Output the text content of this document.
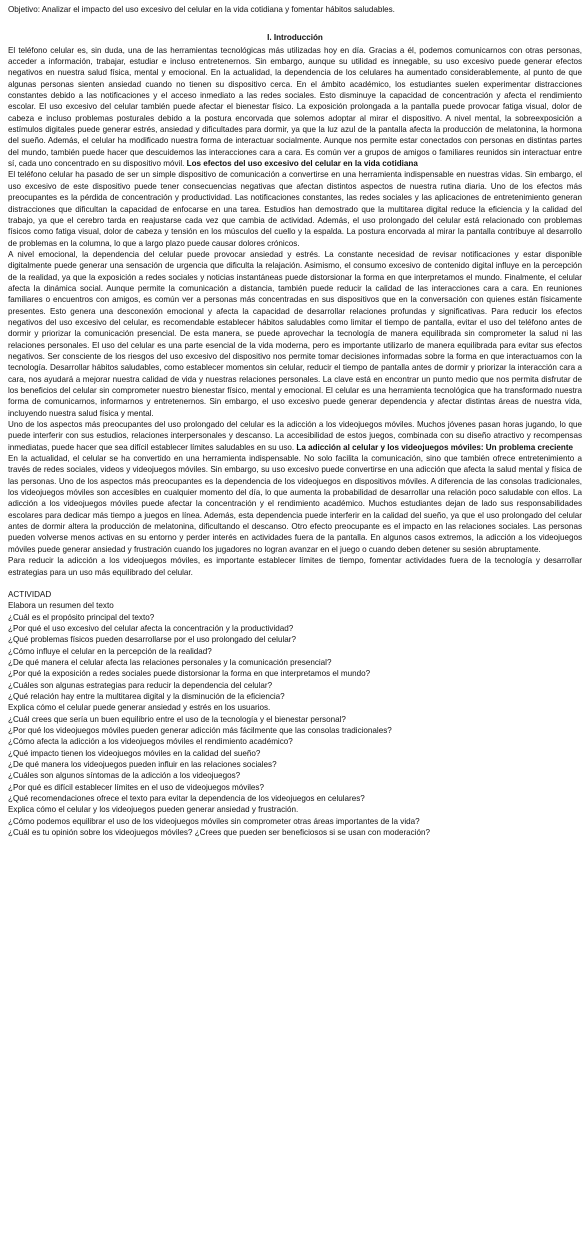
Objetivo: Analizar el impacto del uso excesivo del celular en la vida cotidiana y fomentar hábitos saludables.

I. Introducción

El teléfono celular es, sin duda, una de las herramientas tecnológicas más utilizadas hoy en día. Gracias a él, podemos comunicarnos con otras personas, acceder a información, trabajar, estudiar e incluso entretenernos. Sin embargo, aunque su utilidad es innegable, su uso excesivo puede generar efectos negativos en nuestra salud física, mental y emocional. En la actualidad, la dependencia de los celulares ha aumentado considerablemente, al punto de que algunas personas sienten ansiedad cuando no tienen su dispositivo cerca. En el ámbito académico, los estudiantes suelen experimentar distracciones constantes debido a las notificaciones y el acceso inmediato a las redes sociales. Esto disminuye la capacidad de concentración y afecta el rendimiento escolar. El uso excesivo del celular también puede afectar el bienestar físico. La exposición prolongada a la pantalla puede provocar fatiga visual, dolor de cabeza e incluso problemas posturales debido a la postura encorvada que solemos adoptar al mirar el dispositivo. A nivel mental, la sobreexposición a estímulos digitales puede generar estrés, ansiedad y dificultades para dormir, ya que la luz azul de la pantalla afecta la producción de melatonina, la hormona del sueño. Además, el celular ha modificado nuestra forma de interactuar socialmente. Aunque nos permite estar conectados con personas en distintas partes del mundo, también puede hacer que descuidemos las interacciones cara a cara. Es común ver a grupos de amigos o familiares reunidos sin interactuar entre sí, cada uno concentrado en su dispositivo móvil. Los efectos del uso excesivo del celular en la vida cotidiana

El teléfono celular ha pasado de ser un simple dispositivo de comunicación a convertirse en una herramienta indispensable en nuestras vidas. Sin embargo, el uso excesivo de este dispositivo puede tener consecuencias negativas que afectan distintos aspectos de nuestra rutina diaria. Uno de los efectos más preocupantes es la pérdida de concentración y productividad. Las notificaciones constantes, las redes sociales y las aplicaciones de entretenimiento generan distracciones que dificultan la capacidad de enfocarse en una tarea. Estudios han demostrado que la multitarea digital reduce la eficiencia y la calidad del trabajo, ya que el cerebro tarda en reajustarse cada vez que cambia de actividad. Además, el uso prolongado del celular está relacionado con problemas físicos como fatiga visual, dolor de cabeza y tensión en los músculos del cuello y la espalda. La postura encorvada al mirar la pantalla contribuye al desarrollo de problemas en la columna, lo que a largo plazo puede causar dolores crónicos.

A nivel emocional, la dependencia del celular puede provocar ansiedad y estrés. La constante necesidad de revisar notificaciones y estar disponible digitalmente puede generar una sensación de urgencia que dificulta la relajación. Asimismo, el consumo excesivo de contenido digital influye en la percepción de la realidad, ya que la exposición a redes sociales y noticias instantáneas puede distorsionar la forma en que interpretamos el mundo. Finalmente, el celular afecta la dinámica social. Aunque permite la comunicación a distancia, también puede reducir la calidad de las interacciones cara a cara. En reuniones familiares o encuentros con amigos, es común ver a personas más concentradas en sus dispositivos que en la conversación con quienes están físicamente presentes. Esto genera una desconexión emocional y afecta la capacidad de desarrollar relaciones profundas y significativas. Para reducir los efectos negativos del uso excesivo del celular, es recomendable establecer hábitos saludables como limitar el tiempo de pantalla, evitar el uso del teléfono antes de dormir y priorizar la comunicación presencial. De esta manera, se puede aprovechar la tecnología de manera equilibrada sin comprometer la salud ni las relaciones personales. El uso del celular es una parte esencial de la vida moderna, pero es importante utilizarlo de manera equilibrada para evitar sus efectos negativos. Ser consciente de los riesgos del uso excesivo del dispositivo nos permite tomar decisiones informadas sobre la forma en que interactuamos con la tecnología. Desarrollar hábitos saludables, como establecer momentos sin celular, reducir el tiempo de pantalla antes de dormir y priorizar la interacción cara a cara, nos ayudará a mejorar nuestra calidad de vida y nuestras relaciones personales. La clave está en encontrar un punto medio que nos permita disfrutar de los beneficios del celular sin comprometer nuestro bienestar físico, mental y emocional. El celular es una herramienta tecnológica que ha transformado nuestra forma de comunicarnos, informarnos y entretenernos. Sin embargo, el uso excesivo puede generar dependencia y afectar distintas áreas de nuestra vida, incluyendo nuestra salud física y mental.

Uno de los aspectos más preocupantes del uso prolongado del celular es la adicción a los videojuegos móviles. Muchos jóvenes pasan horas jugando, lo que puede interferir con sus estudios, relaciones interpersonales y descanso. La accesibilidad de estos juegos, combinada con su diseño atractivo y recompensas inmediatas, puede hacer que sea difícil establecer límites saludables en su uso. La adicción al celular y los videojuegos móviles: Un problema creciente

En la actualidad, el celular se ha convertido en una herramienta indispensable. No solo facilita la comunicación, sino que también ofrece entretenimiento a través de redes sociales, videos y videojuegos móviles. Sin embargo, su uso excesivo puede convertirse en una adicción que afecta la salud mental y física de las personas. Uno de los aspectos más preocupantes es la dependencia de los videojuegos en dispositivos móviles. A diferencia de las consolas tradicionales, los videojuegos móviles son accesibles en cualquier momento del día, lo que aumenta la probabilidad de desarrollar una relación poco saludable con ellos. La adicción a los videojuegos móviles puede afectar la concentración y el rendimiento académico. Muchos estudiantes dejan de lado sus responsabilidades escolares para dedicar más tiempo a juegos en línea. Además, esta dependencia puede interferir en la calidad del sueño, ya que el uso prolongado del celular antes de dormir altera la producción de melatonina, dificultando el descanso. Otro efecto preocupante es el impacto en las relaciones sociales. Las personas pueden volverse menos activas en su entorno y perder interés en actividades fuera de la pantalla. En algunos casos extremos, la adicción a los videojuegos móviles puede generar ansiedad y frustración cuando los jugadores no logran avanzar en el juego o cuando deben detener su sesión abruptamente.

Para reducir la adicción a los videojuegos móviles, es importante establecer límites de tiempo, fomentar actividades fuera de la tecnología y desarrollar estrategias para un uso más equilibrado del celular.

ACTIVIDAD

Elabora un resumen del texto

¿Cuál es el propósito principal del texto?

¿Por qué el uso excesivo del celular afecta la concentración y la productividad?

¿Qué problemas físicos pueden desarrollarse por el uso prolongado del celular?

¿Cómo influye el celular en la percepción de la realidad?

¿De qué manera el celular afecta las relaciones personales y la comunicación presencial?

¿Por qué la exposición a redes sociales puede distorsionar la forma en que interpretamos el mundo?

¿Cuáles son algunas estrategias para reducir la dependencia del celular?

¿Qué relación hay entre la multitarea digital y la disminución de la eficiencia?

Explica cómo el celular puede generar ansiedad y estrés en los usuarios.

¿Cuál crees que sería un buen equilibrio entre el uso de la tecnología y el bienestar personal?

¿Por qué los videojuegos móviles pueden generar adicción más fácilmente que las consolas tradicionales?

¿Cómo afecta la adicción a los videojuegos móviles el rendimiento académico?

¿Qué impacto tienen los videojuegos móviles en la calidad del sueño?

¿De qué manera los videojuegos pueden influir en las relaciones sociales?

¿Cuáles son algunos síntomas de la adicción a los videojuegos?

¿Por qué es difícil establecer límites en el uso de videojuegos móviles?

¿Qué recomendaciones ofrece el texto para evitar la dependencia de los videojuegos en celulares?

Explica cómo el celular y los videojuegos pueden generar ansiedad y frustración.

¿Cómo podemos equilibrar el uso de los videojuegos móviles sin comprometer otras áreas importantes de la vida?

¿Cuál es tu opinión sobre los videojuegos móviles? ¿Crees que pueden ser beneficiosos si se usan con moderación?
